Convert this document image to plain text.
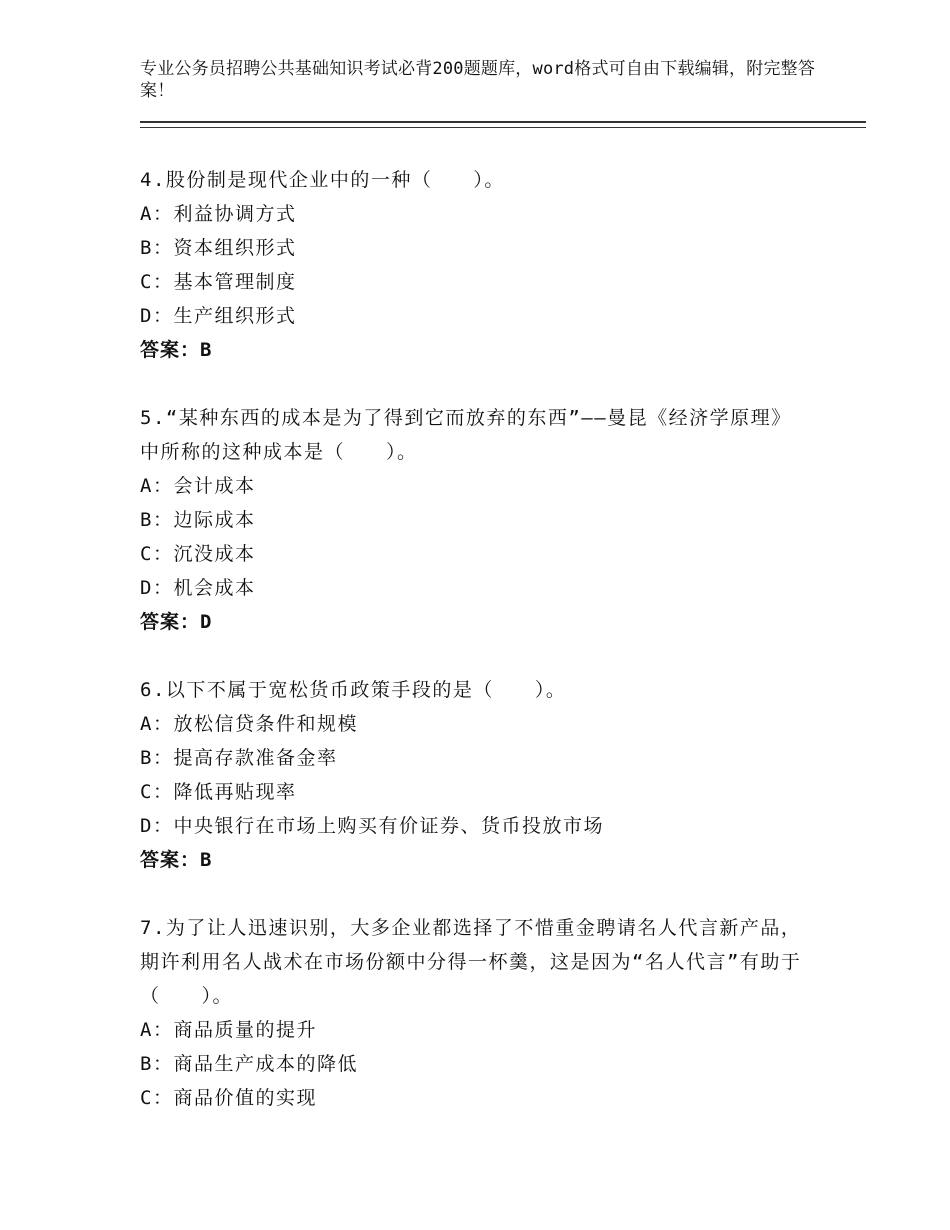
专业公务员招聘公共基础知识考试必背200题题库，word格式可自由下载编辑，附完整答案！

4.股份制是现代企业中的一种（　　）。

A：利益协调方式

B：资本组织形式

C：基本管理制度

D：生产组织形式

答案：B

5.“某种东西的成本是为了得到它而放弃的东西”——曼昆《经济学原理》中所称的这种成本是（　　）。

A：会计成本

B：边际成本

C：沉没成本

D：机会成本

答案：D

6.以下不属于宽松货币政策手段的是（　　）。

A：放松信贷条件和规模

B：提高存款准备金率

C：降低再贴现率

D：中央银行在市场上购买有价证券、货币投放市场

答案：B

7.为了让人迅速识别，大多企业都选择了不惜重金聘请名人代言新产品，期许利用名人战术在市场份额中分得一杯羹，这是因为“名人代言”有助于（　　）。

A：商品质量的提升

B：商品生产成本的降低

C：商品价值的实现
